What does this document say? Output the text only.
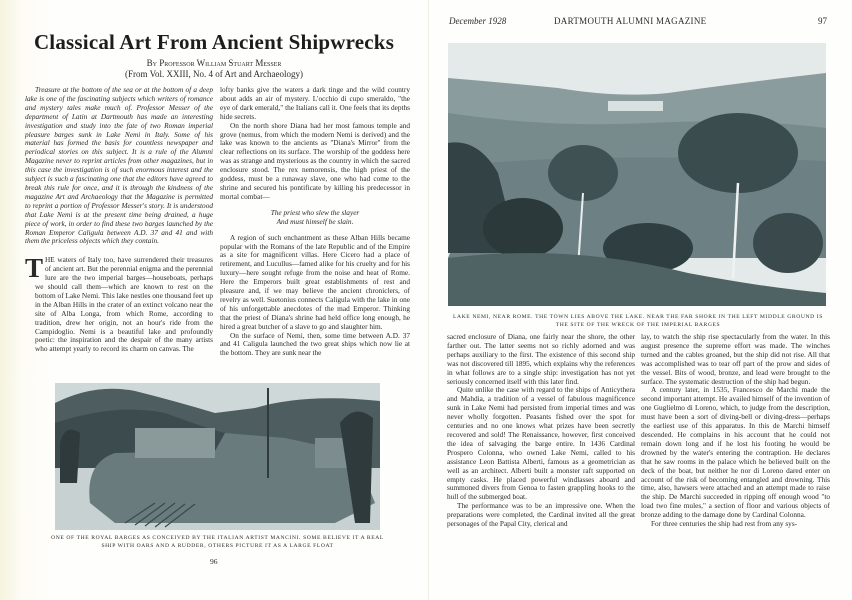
Classical Art From Ancient Shipwrecks
By Professor William Stuart Messer
(From Vol. XXIII, No. 4 of Art and Archaeology)

Treasure at the bottom of the sea or at the bottom of a deep lake is one of the fascinating subjects which writers of romance and mystery tales make much of. Professor Messer of the department of Latin at Dartmouth has made an interesting investigation and study into the fate of two Roman imperial pleasure barges sunk in Lake Nemi in Italy. Some of his material has formed the basis for countless newspaper and periodical stories on this subject. It is a rule of the Alumni Magazine never to reprint articles from other magazines, but in this case the investigation is of such enormous interest and the subject is such a fascinating one that the editors have agreed to break this rule for once, and it is through the kindness of the magazine Art and Archaeology that the Magazine is permitted to reprint a portion of Professor Messer's story. It is understood that Lake Nemi is at the present time being drained, a huge piece of work, in order to find these two barges launched by the Roman Emperor Caligula between A.D. 37 and 41 and with them the priceless objects which they contain.

THE waters of Italy too, have surrendered their treasures of ancient art. But the perennial enigma and the perennial lure are the two imperial barges—houseboats, perhaps we should call them—which are known to rest on the bottom of Lake Nemi. This lake nestles one thousand feet up in the Alban Hills in the crater of an extinct volcano near the site of Alba Longa, from which Rome, according to tradition, drew her origin, not an hour's ride from the Campidoglio. Nemi is a beautiful lake and profoundly poetic: the inspiration and the despair of the many artists who attempt yearly to record its charm on canvas. The

lofty banks give the waters a dark tinge and the wild country about adds an air of mystery. L'occhio di cupo smeraldo, "the eye of dark emerald," the Italians call it. One feels that its depths hide secrets.

On the north shore Diana had her most famous temple and grove (nemus, from which the modern Nemi is derived) and the lake was known to the ancients as "Diana's Mirror" from the clear reflections on its surface. The worship of the goddess here was as strange and mysterious as the country in which the sacred enclosure stood. The rex nemorensis, the high priest of the goddess, must be a runaway slave, one who had come to the shrine and secured his pontificate by killing his predecessor in mortal combat—

The priest who slew the slayer
And must himself be slain.

A region of such enchantment as these Alban Hills became popular with the Romans of the late Republic and of the Empire as a site for magnificent villas. Here Cicero had a place of retirement, and Lucullus—famed alike for his cruelty and for his luxury—here sought refuge from the noise and heat of Rome. Here the Emperors built great establishments of rest and pleasure and, if we may believe the ancient chroniclers, of revelry as well. Suetonius connects Caligula with the lake in one of his unforgettable anecdotes of the mad Emperor. Thinking that the priest of Diana's shrine had held office long enough, he hired a great butcher of a slave to go and slaughter him.

On the surface of Nemi, then, some time between A.D. 37 and 41 Caligula launched the two great ships which now lie at the bottom. They are sunk near the

ONE OF THE ROYAL BARGES AS CONCEIVED BY THE ITALIAN ARTIST MANCINI. SOME BELIEVE IT A REAL SHIP WITH OARS AND A RUDDER, OTHERS PICTURE IT AS A LARGE FLOAT
96
December 1928	DARTMOUTH ALUMNI MAGAZINE	97
LAKE NEMI, NEAR ROME. THE TOWN LIES ABOVE THE LAKE. NEAR THE FAR SHORE IN THE LEFT MIDDLE GROUND IS THE SITE OF THE WRECK OF THE IMPERIAL BARGES

sacred enclosure of Diana, one fairly near the shore, the other farther out. The latter seems not so richly adorned and was perhaps auxiliary to the first. The existence of this second ship was not discovered till 1895, which explains why the references in what follows are to a single ship: investigation has not yet seriously concerned itself with this later find.

Quite unlike the case with regard to the ships of Anticythera and Mahdia, a tradition of a vessel of fabulous magnificence sunk in Lake Nemi had persisted from imperial times and was never wholly forgotten. Peasants fished over the spot for centuries and no one knows what prizes have been secretly recovered and sold! The Renaissance, however, first conceived the idea of salvaging the barge entire. In 1436 Cardinal Prospero Colonna, who owned Lake Nemi, called to his assistance Leon Battista Alberti, famous as a geometrician as well as an architect. Alberti built a monster raft supported on empty casks. He placed powerful windlasses aboard and summoned divers from Genoa to fasten grappling hooks to the hull of the submerged boat.

The performance was to be an impressive one. When the preparations were completed, the Cardinal invited all the great personages of the Papal City, clerical and

lay, to watch the ship rise spectacularly from the water. In this august presence the supreme effort was made. The winches turned and the cables groaned, but the ship did not rise. All that was accomplished was to tear off part of the prow and sides of the vessel. Bits of wood, bronze, and lead were brought to the surface. The systematic destruction of the ship had begun.

A century later, in 1535, Francesco de Marchi made the second important attempt. He availed himself of the invention of one Guglielmo di Loreno, which, to judge from the description, must have been a sort of diving-bell or diving-dress—perhaps the earliest use of this apparatus. In this de Marchi himself descended. He complains in his account that he could not remain down long and if he lost his footing he would be drowned by the water's entering the contraption. He declares that he saw rooms in the palace which he believed built on the deck of the boat, but neither he nor di Loreno dared enter on account of the risk of becoming entangled and drowning. This time, also, hawsers were attached and an attempt made to raise the ship. De Marchi succeeded in ripping off enough wood "to load two fine mules," a section of floor and various objects of bronze adding to the damage done by Cardinal Colonna.

For three centuries the ship had rest from any sys-
